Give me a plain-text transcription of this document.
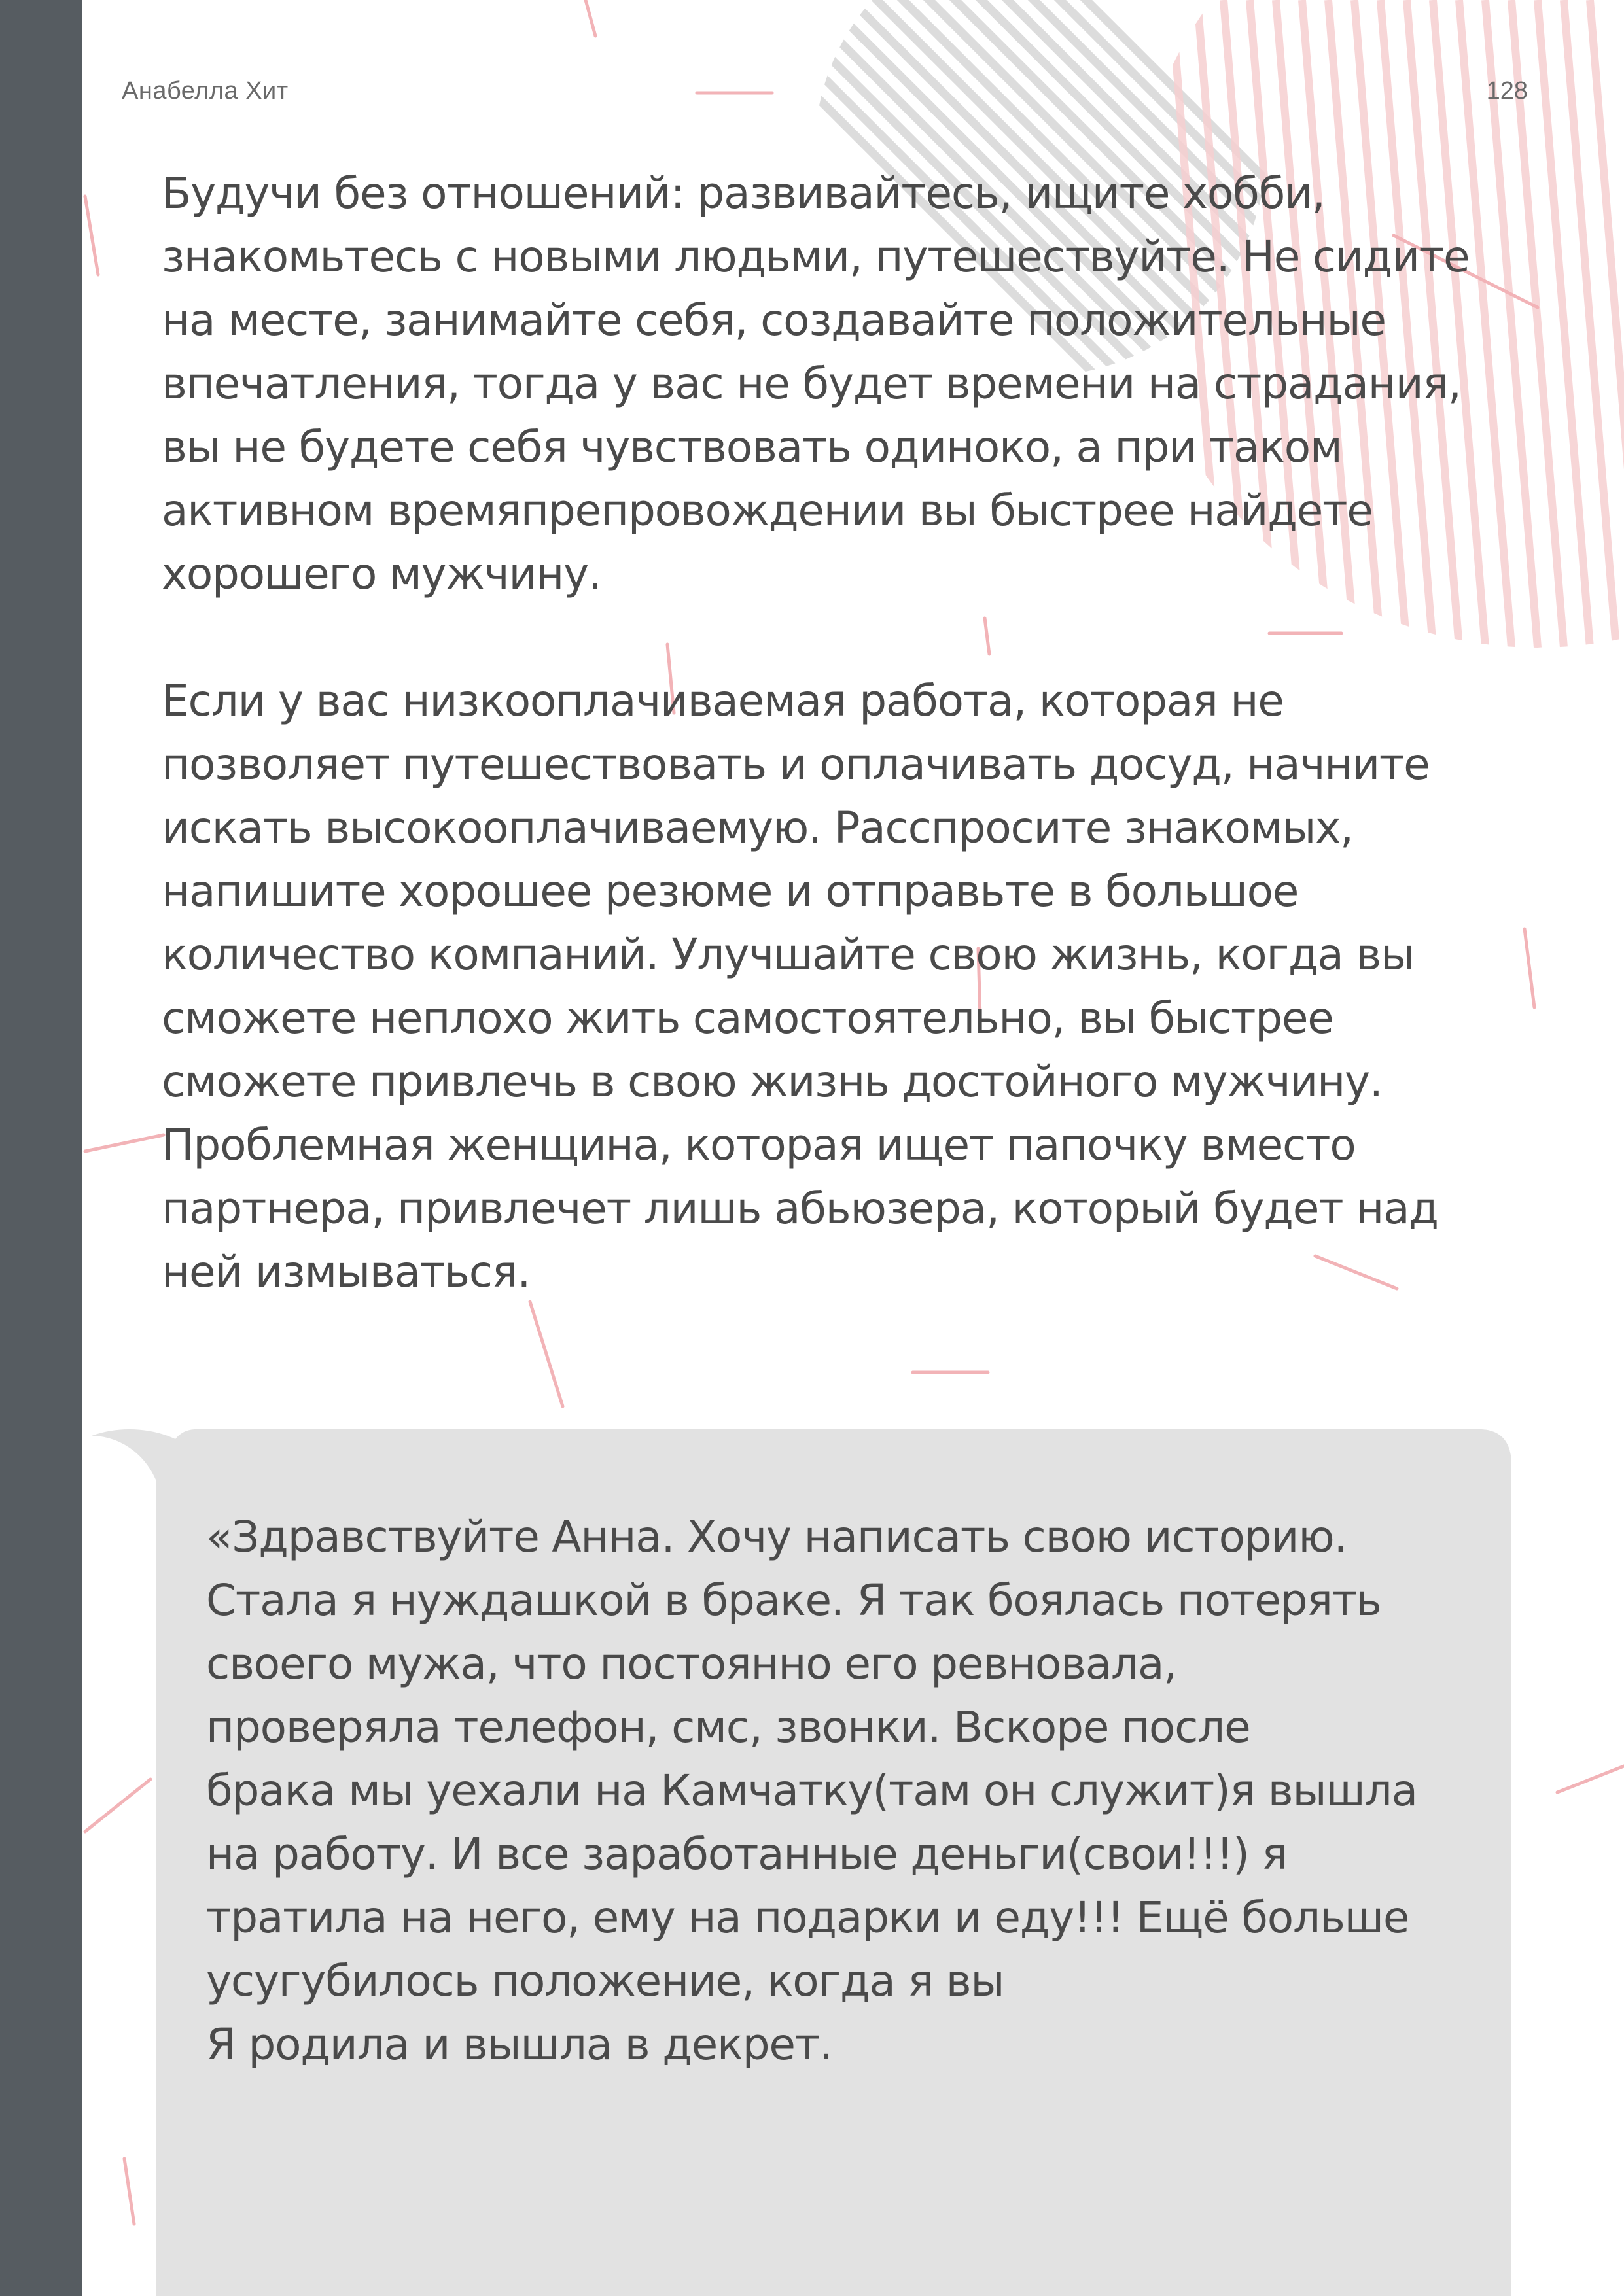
Анабелла Хит	128
Будучи без отношений: развивайтесь, ищите хобби,
знакомьтесь с новыми людьми, путешествуйте. Не сидите
на месте, занимайте себя, создавайте положительные
впечатления, тогда у вас не будет времени на страдания,
вы не будете себя чувствовать одиноко, а при таком
активном времяпрепровождении вы быстрее найдете
хорошего мужчину.
Если у вас низкооплачиваемая работа, которая не
позволяет путешествовать и оплачивать досуд, начните
искать высокооплачиваемую. Расспросите знакомых,
напишите хорошее резюме и отправьте в большое
количество компаний. Улучшайте свою жизнь, когда вы
сможете неплохо жить самостоятельно, вы быстрее
сможете привлечь в свою жизнь достойного мужчину.
Проблемная женщина, которая ищет папочку вместо
партнера, привлечет лишь абьюзера, который будет над
ней измываться.
«Здравствуйте Анна. Хочу написать свою историю.
Стала я нуждашкой в браке. Я так боялась потерять
своего мужа, что постоянно его ревновала,
проверяла телефон, смс, звонки. Вскоре после
брака мы уехали на Камчатку(там он служит)я вышла
на работу. И все заработанные деньги(свои!!!) я
тратила на него, ему на подарки и еду!!! Ещё больше
усугубилось положение, когда я вы
Я родила и вышла в декрет.
